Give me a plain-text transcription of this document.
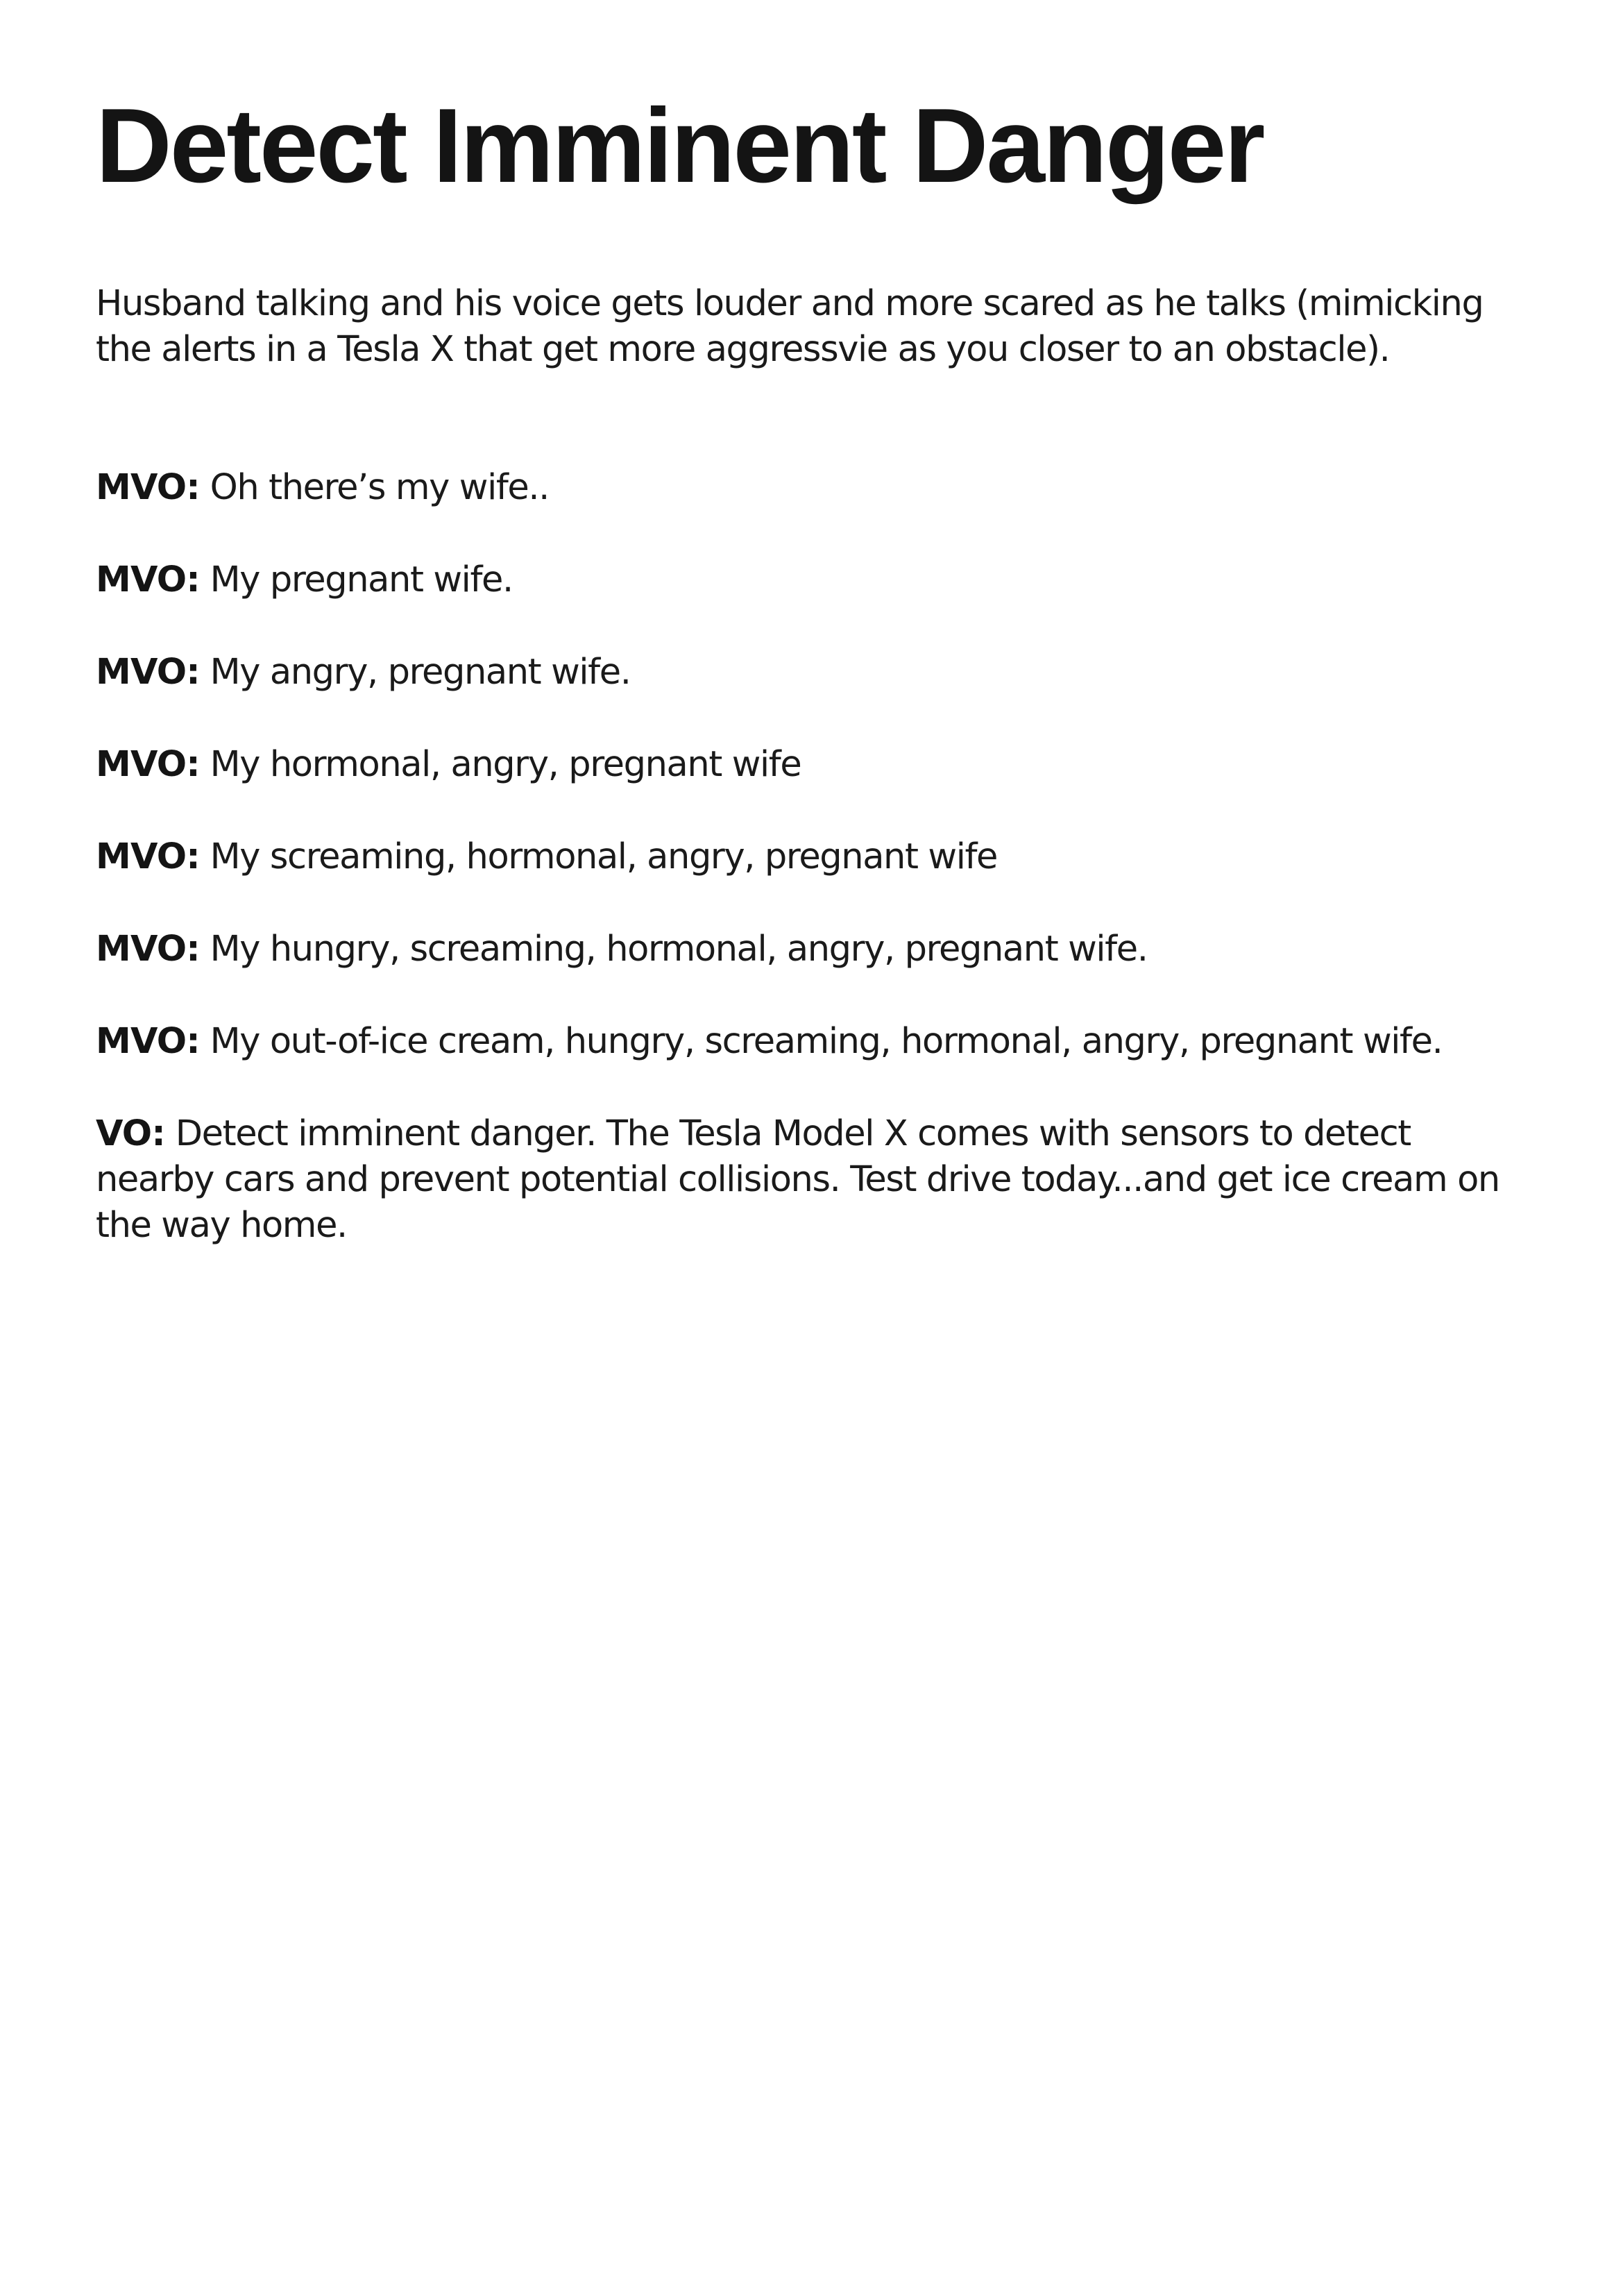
Detect Imminent Danger

Husband talking and his voice gets louder and more scared as he talks (mimicking the alerts in a Tesla X that get more aggressvie as you closer to an obstacle).

MVO: Oh there’s my wife..

MVO: My pregnant wife.

MVO: My angry, pregnant wife.

MVO: My hormonal, angry, pregnant wife

MVO: My screaming, hormonal, angry, pregnant wife

MVO: My hungry, screaming, hormonal, angry, pregnant wife.

MVO: My out-of-ice cream, hungry, screaming, hormonal, angry, pregnant wife.

VO: Detect imminent danger. The Tesla Model X comes with sensors to detect nearby cars and prevent potential collisions. Test drive today...and get ice cream on the way home.
